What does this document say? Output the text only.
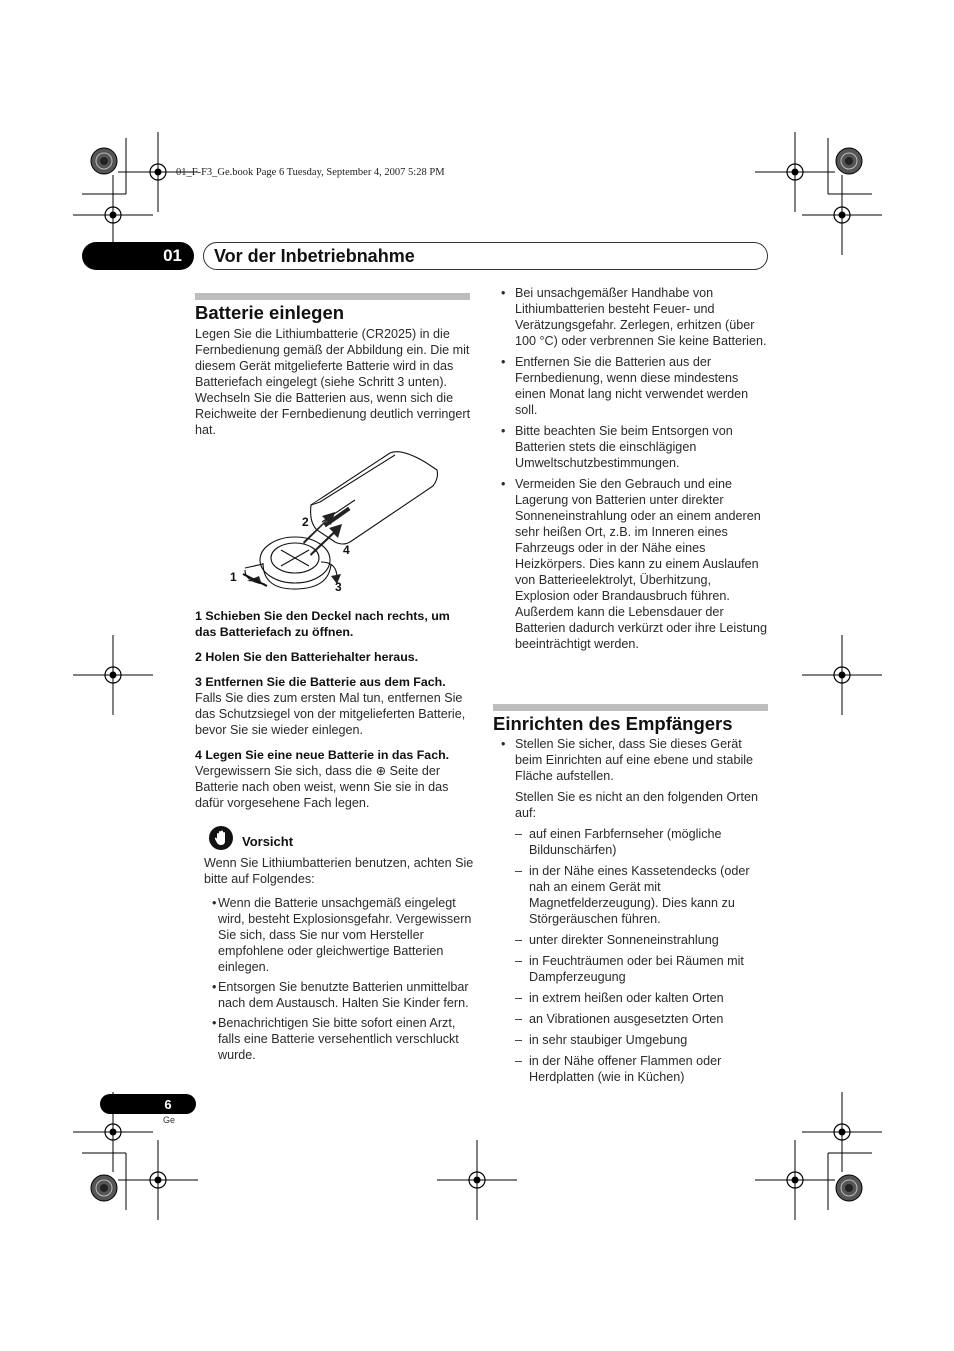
01_F-F3_Ge.book Page 6 Tuesday, September 4, 2007 5:28 PM
01	Vor der Inbetriebnahme
Batterie einlegen
Legen Sie die Lithiumbatterie (CR2025) in die Fernbedienung gemäß der Abbildung ein. Die mit diesem Gerät mitgelieferte Batterie wird in das Batteriefach eingelegt (siehe Schritt 3 unten). Wechseln Sie die Batterien aus, wenn sich die Reichweite der Fernbedienung deutlich verringert hat.
2
4
1
3
1 Schieben Sie den Deckel nach rechts, um das Batteriefach zu öffnen.
2 Holen Sie den Batteriehalter heraus.
3 Entfernen Sie die Batterie aus dem Fach.
Falls Sie dies zum ersten Mal tun, entfernen Sie das Schutzsiegel von der mitgelieferten Batterie, bevor Sie sie wieder einlegen.
4 Legen Sie eine neue Batterie in das Fach.
Vergewissern Sie sich, dass die ⊕ Seite der Batterie nach oben weist, wenn Sie sie in das dafür vorgesehene Fach legen.
Vorsicht
Wenn Sie Lithiumbatterien benutzen, achten Sie bitte auf Folgendes:
• Wenn die Batterie unsachgemäß eingelegt wird, besteht Explosionsgefahr. Vergewissern Sie sich, dass Sie nur vom Hersteller empfohlene oder gleichwertige Batterien einlegen.
• Entsorgen Sie benutzte Batterien unmittelbar nach dem Austausch. Halten Sie Kinder fern.
• Benachrichtigen Sie bitte sofort einen Arzt, falls eine Batterie versehentlich verschluckt wurde.
• Bei unsachgemäßer Handhabe von Lithiumbatterien besteht Feuer- und Verätzungsgefahr. Zerlegen, erhitzen (über 100 °C) oder verbrennen Sie keine Batterien.
• Entfernen Sie die Batterien aus der Fernbedienung, wenn diese mindestens einen Monat lang nicht verwendet werden soll.
• Bitte beachten Sie beim Entsorgen von Batterien stets die einschlägigen Umweltschutzbestimmungen.
• Vermeiden Sie den Gebrauch und eine Lagerung von Batterien unter direkter Sonneneinstrahlung oder an einem anderen sehr heißen Ort, z.B. im Inneren eines Fahrzeugs oder in der Nähe eines Heizkörpers. Dies kann zu einem Auslaufen von Batterieelektrolyt, Überhitzung, Explosion oder Brandausbruch führen. Außerdem kann die Lebensdauer der Batterien dadurch verkürzt oder ihre Leistung beeinträchtigt werden.
Einrichten des Empfängers
• Stellen Sie sicher, dass Sie dieses Gerät beim Einrichten auf eine ebene und stabile Fläche aufstellen.
Stellen Sie es nicht an den folgenden Orten auf:
– auf einen Farbfernseher (mögliche Bildunschärfen)
– in der Nähe eines Kassetendecks (oder nah an einem Gerät mit Magnetfelderzeugung). Dies kann zu Störgeräuschen führen.
– unter direkter Sonneneinstrahlung
– in Feuchträumen oder bei Räumen mit Dampferzeugung
– in extrem heißen oder kalten Orten
– an Vibrationen ausgesetzten Orten
– in sehr staubiger Umgebung
– in der Nähe offener Flammen oder Herdplatten (wie in Küchen)
6
Ge
